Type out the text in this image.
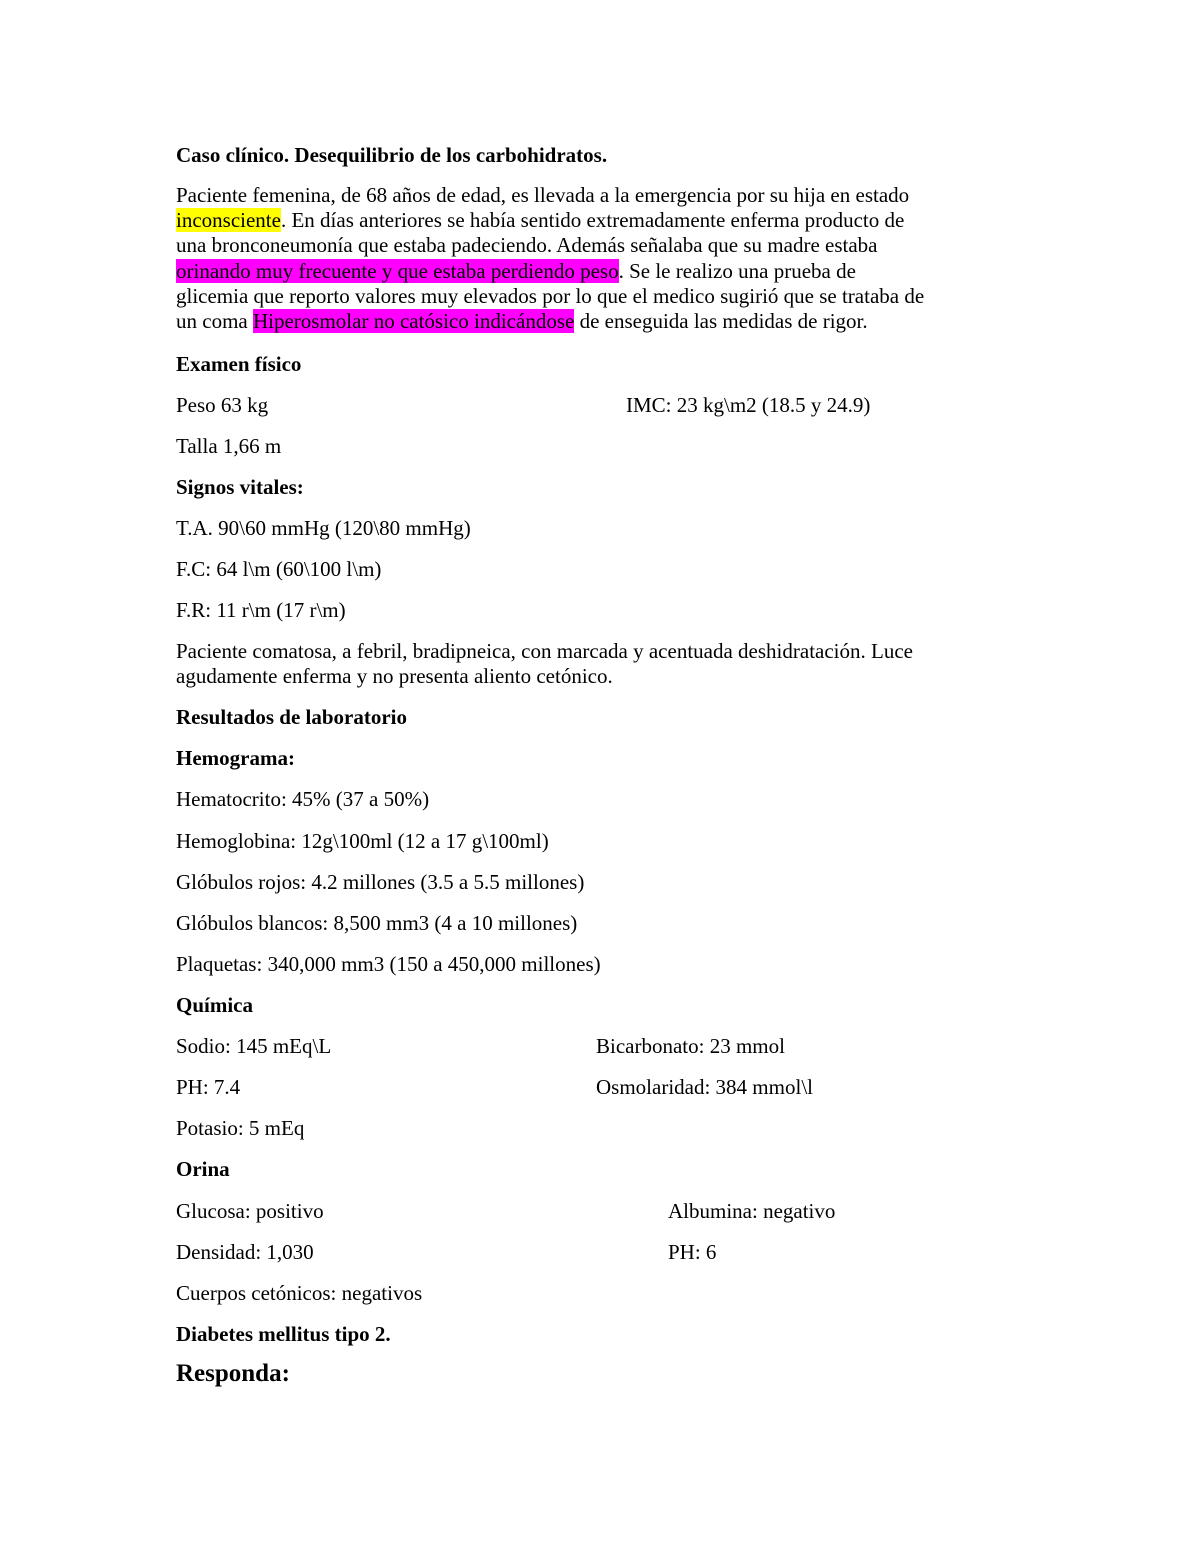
Caso clínico. Desequilibrio de los carbohidratos.
Paciente femenina, de 68 años de edad, es llevada a la emergencia por su hija en estado
inconsciente. En días anteriores se había sentido extremadamente enferma producto de
una bronconeumonía que estaba padeciendo. Además señalaba que su madre estaba
orinando muy frecuente y que estaba perdiendo peso. Se le realizo una prueba de
glicemia que reporto valores muy elevados por lo que el medico sugirió que se trataba de
un coma Hiperosmolar no catósico indicándose de enseguida las medidas de rigor.
Examen físico
Peso 63 kg	IMC: 23 kg\m2 (18.5 y 24.9)
Talla 1,66 m
Signos vitales:
T.A. 90\60 mmHg (120\80 mmHg)
F.C: 64 l\m (60\100 l\m)
F.R: 11 r\m (17 r\m)
Paciente comatosa, a febril, bradipneica, con marcada y acentuada deshidratación. Luce
agudamente enferma y no presenta aliento cetónico.
Resultados de laboratorio
Hemograma:
Hematocrito: 45% (37 a 50%)
Hemoglobina: 12g\100ml (12 a 17 g\100ml)
Glóbulos rojos: 4.2 millones (3.5 a 5.5 millones)
Glóbulos blancos: 8,500 mm3 (4 a 10 millones)
Plaquetas: 340,000 mm3 (150 a 450,000 millones)
Química
Sodio: 145 mEq\L	Bicarbonato: 23 mmol
PH: 7.4	Osmolaridad: 384 mmol\l
Potasio: 5 mEq
Orina
Glucosa: positivo	Albumina: negativo
Densidad: 1,030	PH: 6
Cuerpos cetónicos: negativos
Diabetes mellitus tipo 2.
Responda:
